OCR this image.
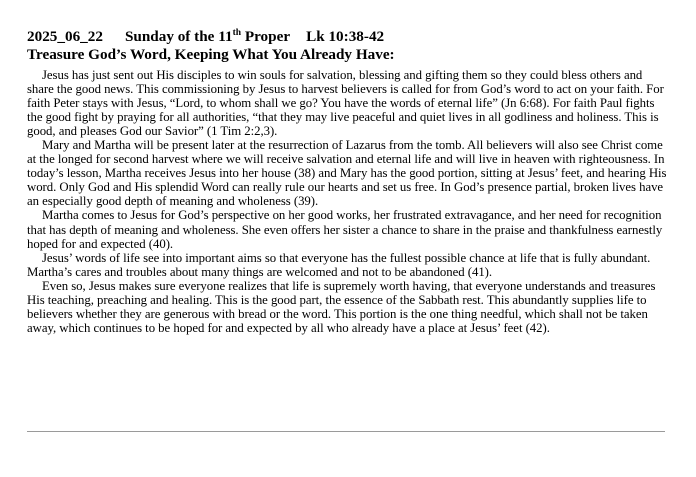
2025_06_22 Sunday of the 11th Proper Lk 10:38-42
Treasure God’s Word, Keeping What You Already Have:

Jesus has just sent out His disciples to win souls for salvation, blessing and gifting them so they could bless others and share the good news. This commissioning by Jesus to harvest believers is called for from God’s word to act on your faith. For faith Peter stays with Jesus, “Lord, to whom shall we go? You have the words of eternal life” (Jn 6:68). For faith Paul fights the good fight by praying for all authorities, “that they may live peaceful and quiet lives in all godliness and holiness. This is good, and pleases God our Savior” (1 Tim 2:2,3).

Mary and Martha will be present later at the resurrection of Lazarus from the tomb. All believers will also see Christ come at the longed for second harvest where we will receive salvation and eternal life and will live in heaven with righteousness. In today’s lesson, Martha receives Jesus into her house (38) and Mary has the good portion, sitting at Jesus’ feet, and hearing His word. Only God and His splendid Word can really rule our hearts and set us free. In God’s presence partial, broken lives have an especially good depth of meaning and wholeness (39).

Martha comes to Jesus for God’s perspective on her good works, her frustrated extravagance, and her need for recognition that has depth of meaning and wholeness. She even offers her sister a chance to share in the praise and thankfulness earnestly hoped for and expected (40).

Jesus’ words of life see into important aims so that everyone has the fullest possible chance at life that is fully abundant. Martha’s cares and troubles about many things are welcomed and not to be abandoned (41).

Even so, Jesus makes sure everyone realizes that life is supremely worth having, that everyone understands and treasures His teaching, preaching and healing. This is the good part, the essence of the Sabbath rest. This abundantly supplies life to believers whether they are generous with bread or the word. This portion is the one thing needful, which shall not be taken away, which continues to be hoped for and expected by all who already have a place at Jesus’ feet (42).
